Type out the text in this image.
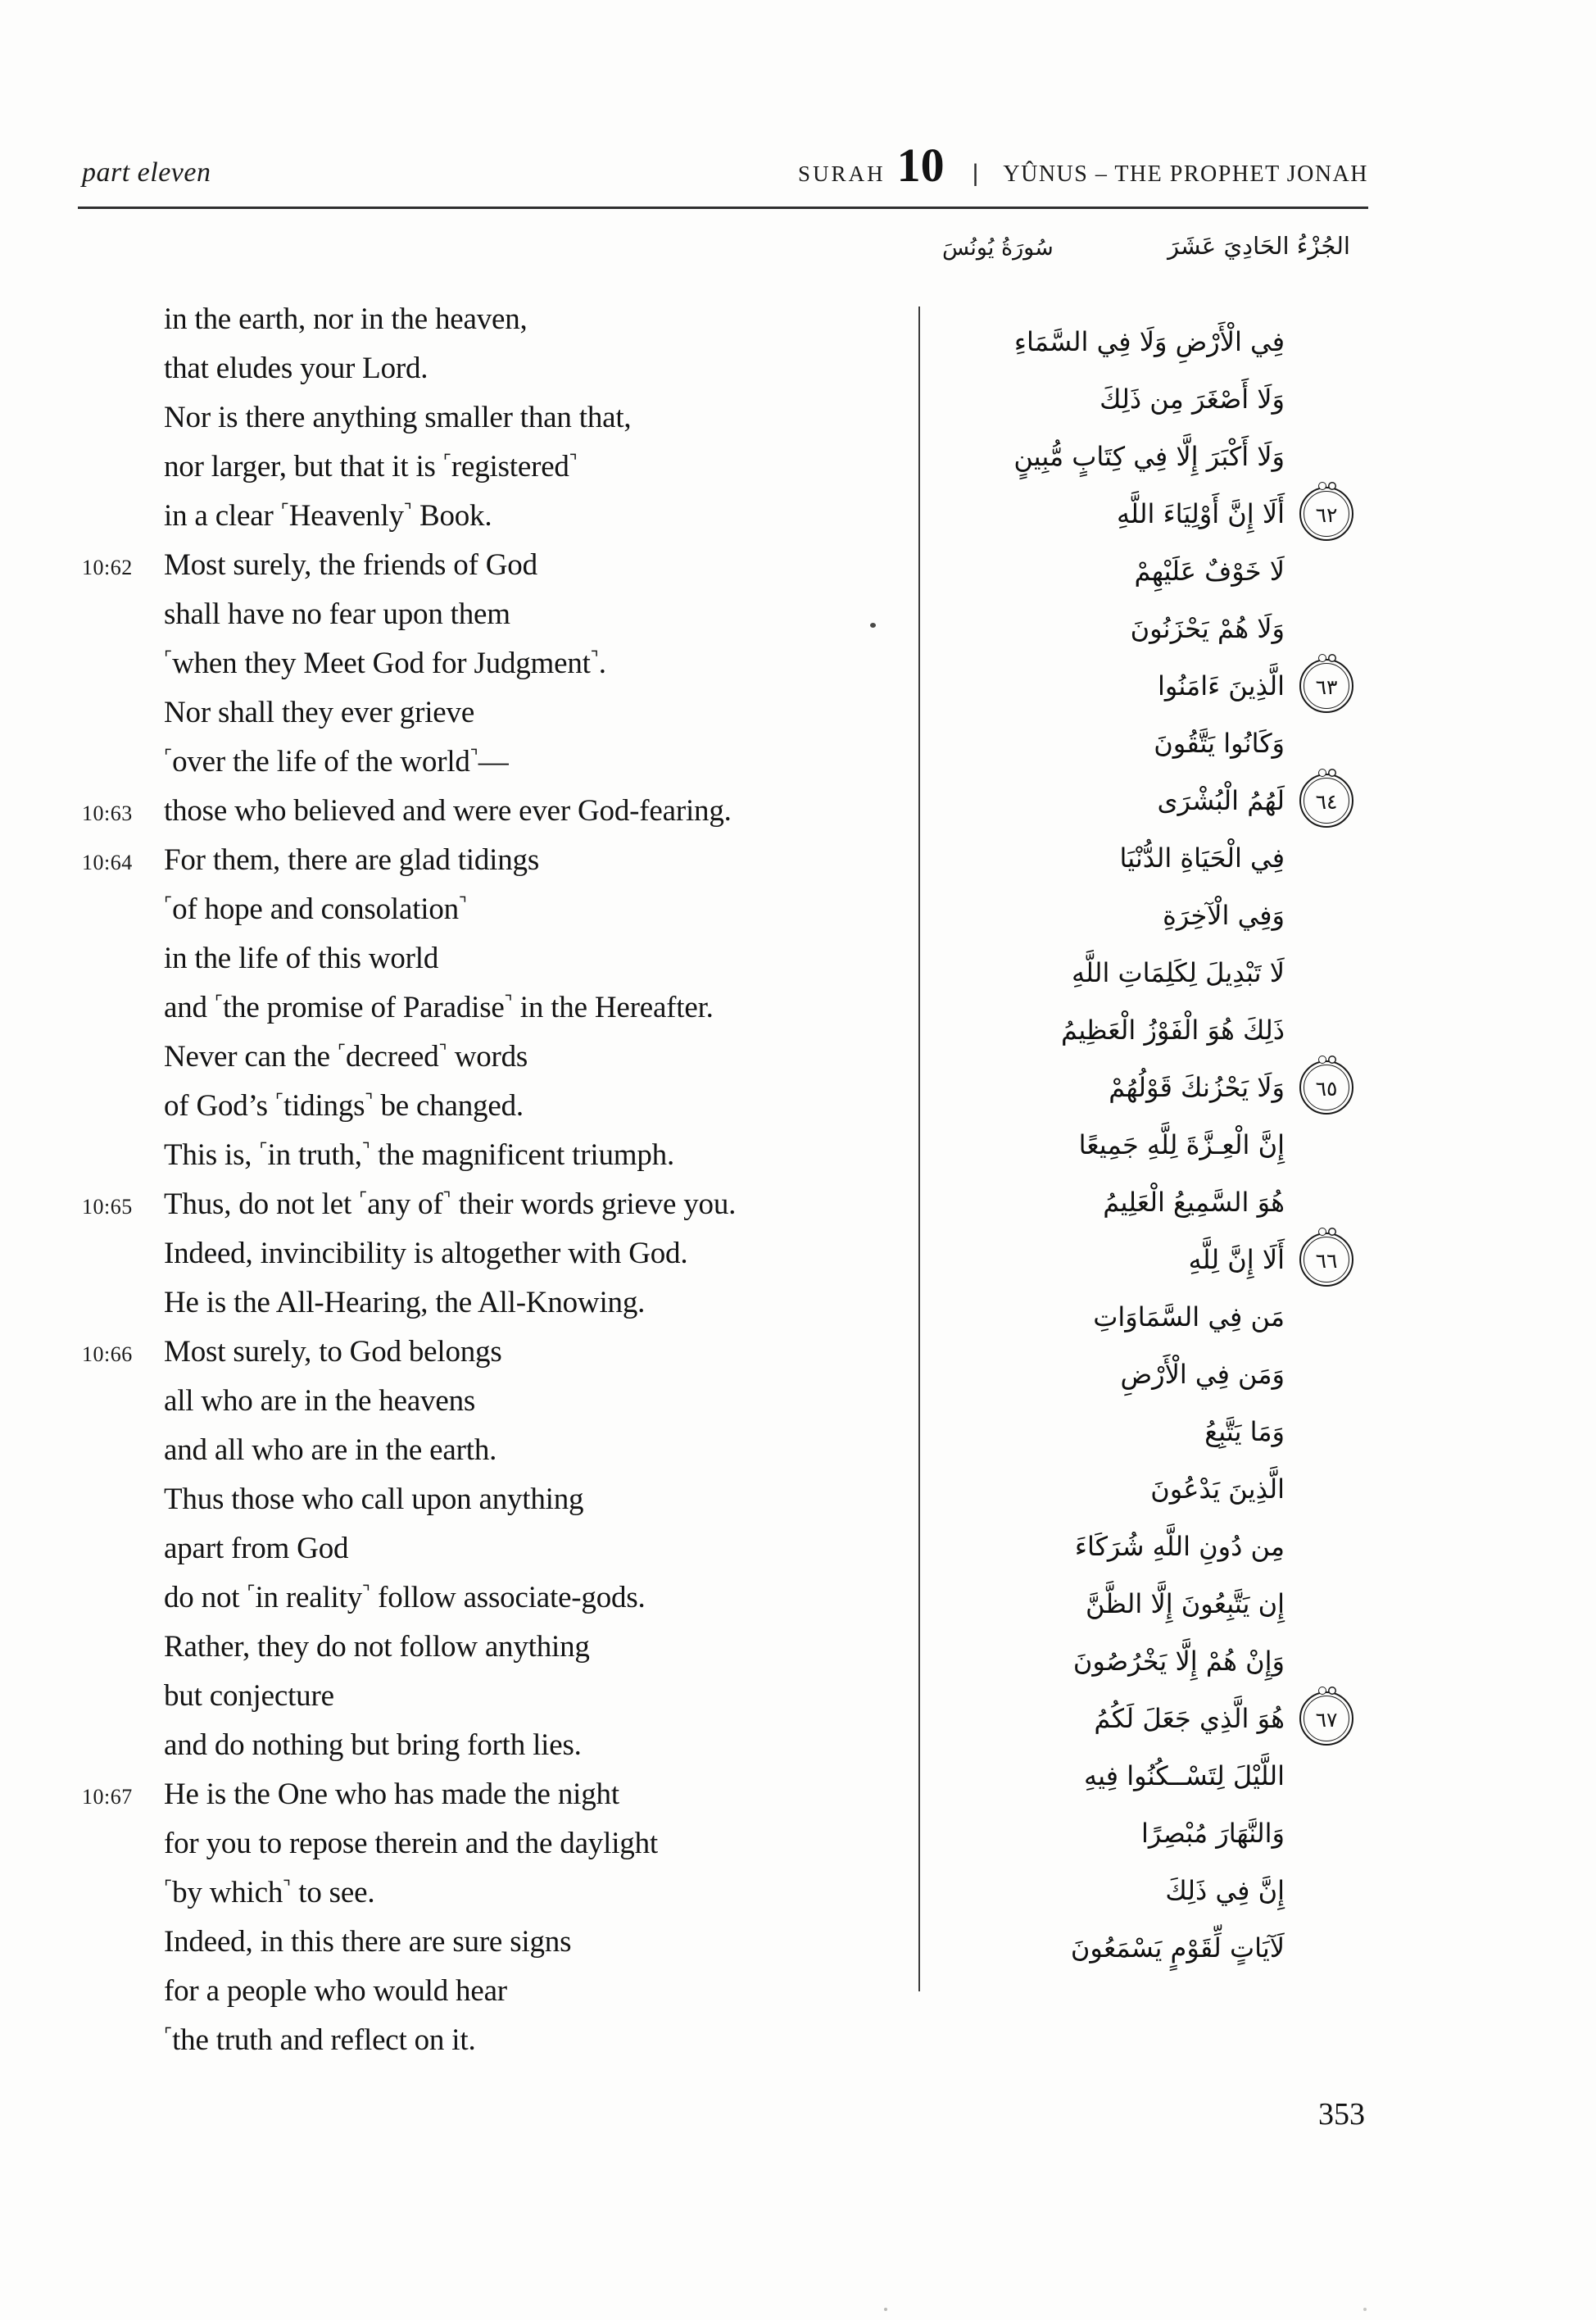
part eleven	SURAH 10 | YÛNUS – THE PROPHET JONAH
الجُزْءُ الحَادِيَ عَشَرَ
سُورَةُ يُونُسَ
in the earth, nor in the heaven,
that eludes your Lord.
Nor is there anything smaller than that,
nor larger, but that it is ⌜registered⌝
in a clear ⌜Heavenly⌝ Book.
10:62	Most surely, the friends of God
shall have no fear upon them
⌜when they Meet God for Judgment⌝.
Nor shall they ever grieve
⌜over the life of the world⌝—
10:63	those who believed and were ever God-fearing.
10:64	For them, there are glad tidings
⌜of hope and consolation⌝
in the life of this world
and ⌜the promise of Paradise⌝ in the Hereafter.
Never can the ⌜decreed⌝ words
of God’s ⌜tidings⌝ be changed.
This is, ⌜in truth,⌝ the magnificent triumph.
10:65	Thus, do not let ⌜any of⌝ their words grieve you.
Indeed, invincibility is altogether with God.
He is the All-Hearing, the All-Knowing.
10:66	Most surely, to God belongs
all who are in the heavens
and all who are in the earth.
Thus those who call upon anything
apart from God
do not ⌜in reality⌝ follow associate-gods.
Rather, they do not follow anything
but conjecture
and do nothing but bring forth lies.
10:67	He is the One who has made the night
for you to repose therein and the daylight
⌜by which⌝ to see.
Indeed, in this there are sure signs
for a people who would hear
⌜the truth and reflect on it.
فِي الْأَرْضِ وَلَا فِي السَّمَاءِ
وَلَا أَصْغَرَ مِن ذَلِكَ
وَلَا أَكْبَرَ إِلَّا فِي كِتَابٍ مُّبِينٍ
٦٢
أَلَا إِنَّ أَوْلِيَاءَ اللَّهِ
لَا خَوْفٌ عَلَيْهِمْ
وَلَا هُمْ يَحْزَنُونَ
٦٣
الَّذِينَ ءَامَنُوا
وَكَانُوا يَتَّقُونَ
٦٤
لَهُمُ الْبُشْرَى
فِي الْحَيَاةِ الدُّنْيَا
وَفِي الْآخِرَةِ
لَا تَبْدِيلَ لِكَلِمَاتِ اللَّهِ
ذَلِكَ هُوَ الْفَوْزُ الْعَظِيمُ
٦٥
وَلَا يَحْزُنكَ قَوْلُهُمْ
إِنَّ الْعِـزَّةَ لِلَّهِ جَمِيعًا
هُوَ السَّمِيعُ الْعَلِيمُ
٦٦
أَلَا إِنَّ لِلَّهِ
مَن فِي السَّمَاوَاتِ
وَمَن فِي الْأَرْضِ
وَمَا يَتَّبِعُ
الَّذِينَ يَدْعُونَ
مِن دُونِ اللَّهِ شُرَكَاءَ
إِن يَتَّبِعُونَ إِلَّا الظَّنَّ
وَإِنْ هُمْ إِلَّا يَخْرُصُونَ
٦٧
هُوَ الَّذِي جَعَلَ لَكُمُ
اللَّيْلَ لِتَسْــكُنُوا فِيهِ
وَالنَّهَارَ مُبْصِرًا
إِنَّ فِي ذَلِكَ
لَآيَاتٍ لِّقَوْمٍ يَسْمَعُونَ
353
